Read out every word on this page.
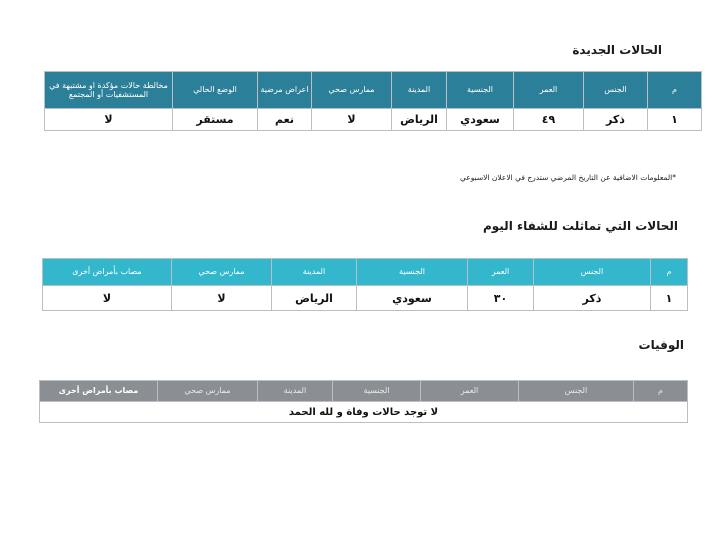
الحالات الجديدة
م	الجنس	العمر	الجنسية	المدينة	ممارس صحي	اعراض مرضية	الوضع الحالي	مخالطة حالات مؤكدة او مشتبهة في المستشفيات أو المجتمع
١	ذكر	٤٩	سعودي	الرياض	لا	نعم	مستقر	لا

*المعلومات الاضافية عن التاريخ المرضي ستدرج في الاعلان الاسبوعي

الحالات التي تماثلت للشفاء اليوم
م	الجنس	العمر	الجنسية	المدينة	ممارس صحي	مصاب بأمراض أخرى
١	ذكر	٣٠	سعودي	الرياض	لا	لا
الوفيات
م	الجنس	العمر	الجنسية	المدينة	ممارس صحي	مصاب بأمراض أخرى
لا توجد حالات وفاة و لله الحمد
